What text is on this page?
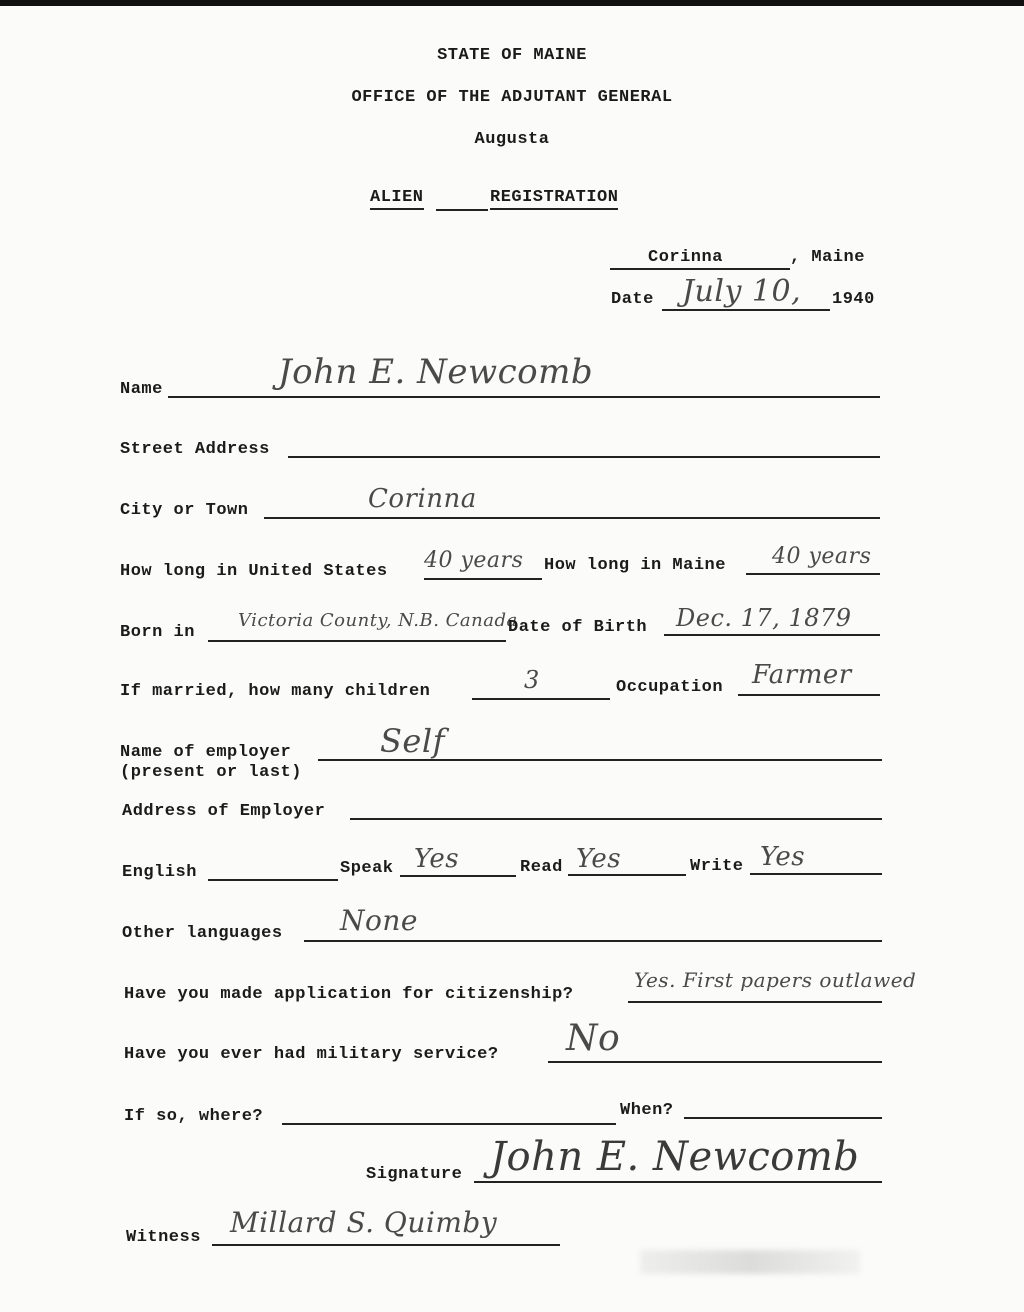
STATE OF MAINE
OFFICE OF THE ADJUTANT GENERAL
Augusta
ALIEN	REGISTRATION
Corinna	, Maine
Date July 10, 1940
Name	John E. Newcomb
Street Address
City or Town	Corinna
How long in United States 40 years How long in Maine 40 years
Born in
Victoria County, N.B. Canada
Date of Birth Dec. 17, 1879
If married, how many children	3	Occupation Farmer
Name of employer
(present or last)
Self
Address of Employer
English	Speak Yes	Read Yes	Write Yes
Other languages None
Have you made application for citizenship?
Yes. First papers outlawed
Have you ever had military service? No
If so, where?	When?
Signature John E. Newcomb
Witness Millard S. Quimby
